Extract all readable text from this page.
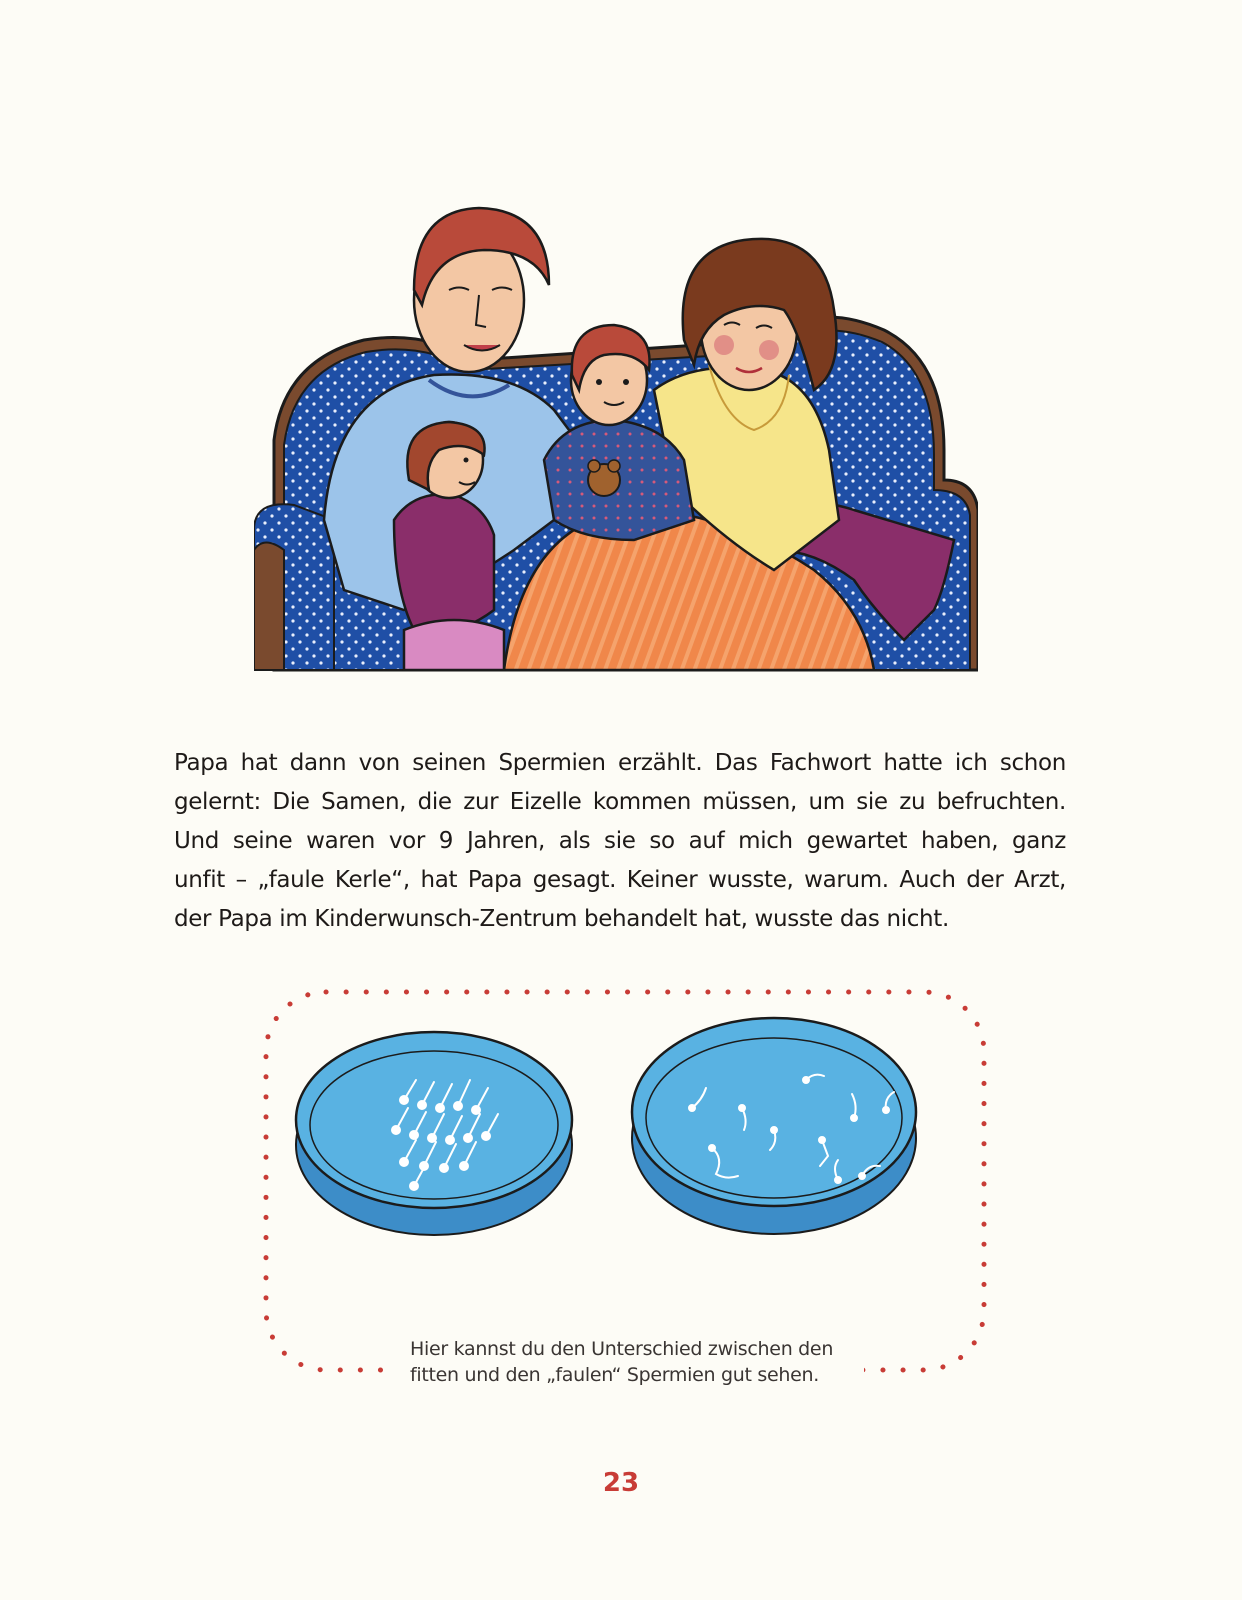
Papa hat dann von seinen Spermien erzählt. Das Fachwort hatte ich schon
gelernt: Die Samen, die zur Eizelle kommen müssen, um sie zu befruchten.
Und seine waren vor 9 Jahren, als sie so auf mich gewartet haben, ganz
unfit – „faule Kerle“, hat Papa gesagt. Keiner wusste, warum. Auch der Arzt,
der Papa im Kinderwunsch-Zentrum behandelt hat, wusste das nicht.
Hier kannst du den Unterschied zwischen den
fitten und den „faulen“ Spermien gut sehen.
23
